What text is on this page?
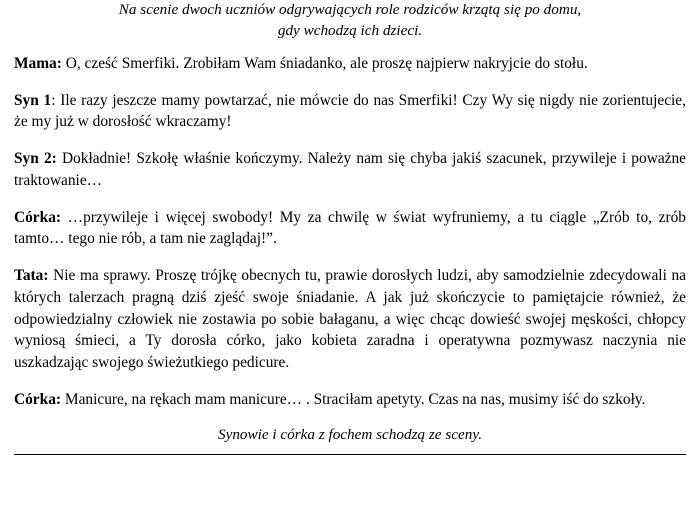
Na scenie dwoch uczniów odgrywających role rodziców krzątą się po domu,
gdy wchodzą ich dzieci.

Mama: O, cześć Smerfiki. Zrobiłam Wam śniadanko, ale proszę najpierw nakryjcie do stołu.

Syn 1: Ile razy jeszcze mamy powtarzać, nie mówcie do nas Smerfiki! Czy Wy się nigdy nie zorientujecie, że my już w dorosłość wkraczamy!

Syn 2: Dokładnie! Szkołę właśnie kończymy. Należy nam się chyba jakiś szacunek, przywileje i poważne traktowanie…

Córka: …przywileje i więcej swobody! My za chwilę w świat wyfruniemy, a tu ciągle „Zrób to, zrób tamto… tego nie rób, a tam nie zaglądaj!”.

Tata: Nie ma sprawy. Proszę trójkę obecnych tu, prawie dorosłych ludzi, aby samodzielnie zdecydowali na których talerzach pragną dziś zjeść swoje śniadanie. A jak już skończycie to pamiętajcie również, że odpowiedzialny człowiek nie zostawia po sobie bałaganu, a więc chcąc dowieść swojej męskości, chłopcy wyniosą śmieci, a Ty dorosła córko, jako kobieta zaradna i operatywna pozmywasz naczynia nie uszkadzając swojego świeżutkiego pedicure.

Córka: Manicure, na rękach mam manicure… . Straciłam apetyty. Czas na nas, musimy iść do szkoły.

Synowie i córka z fochem schodzą ze sceny.
